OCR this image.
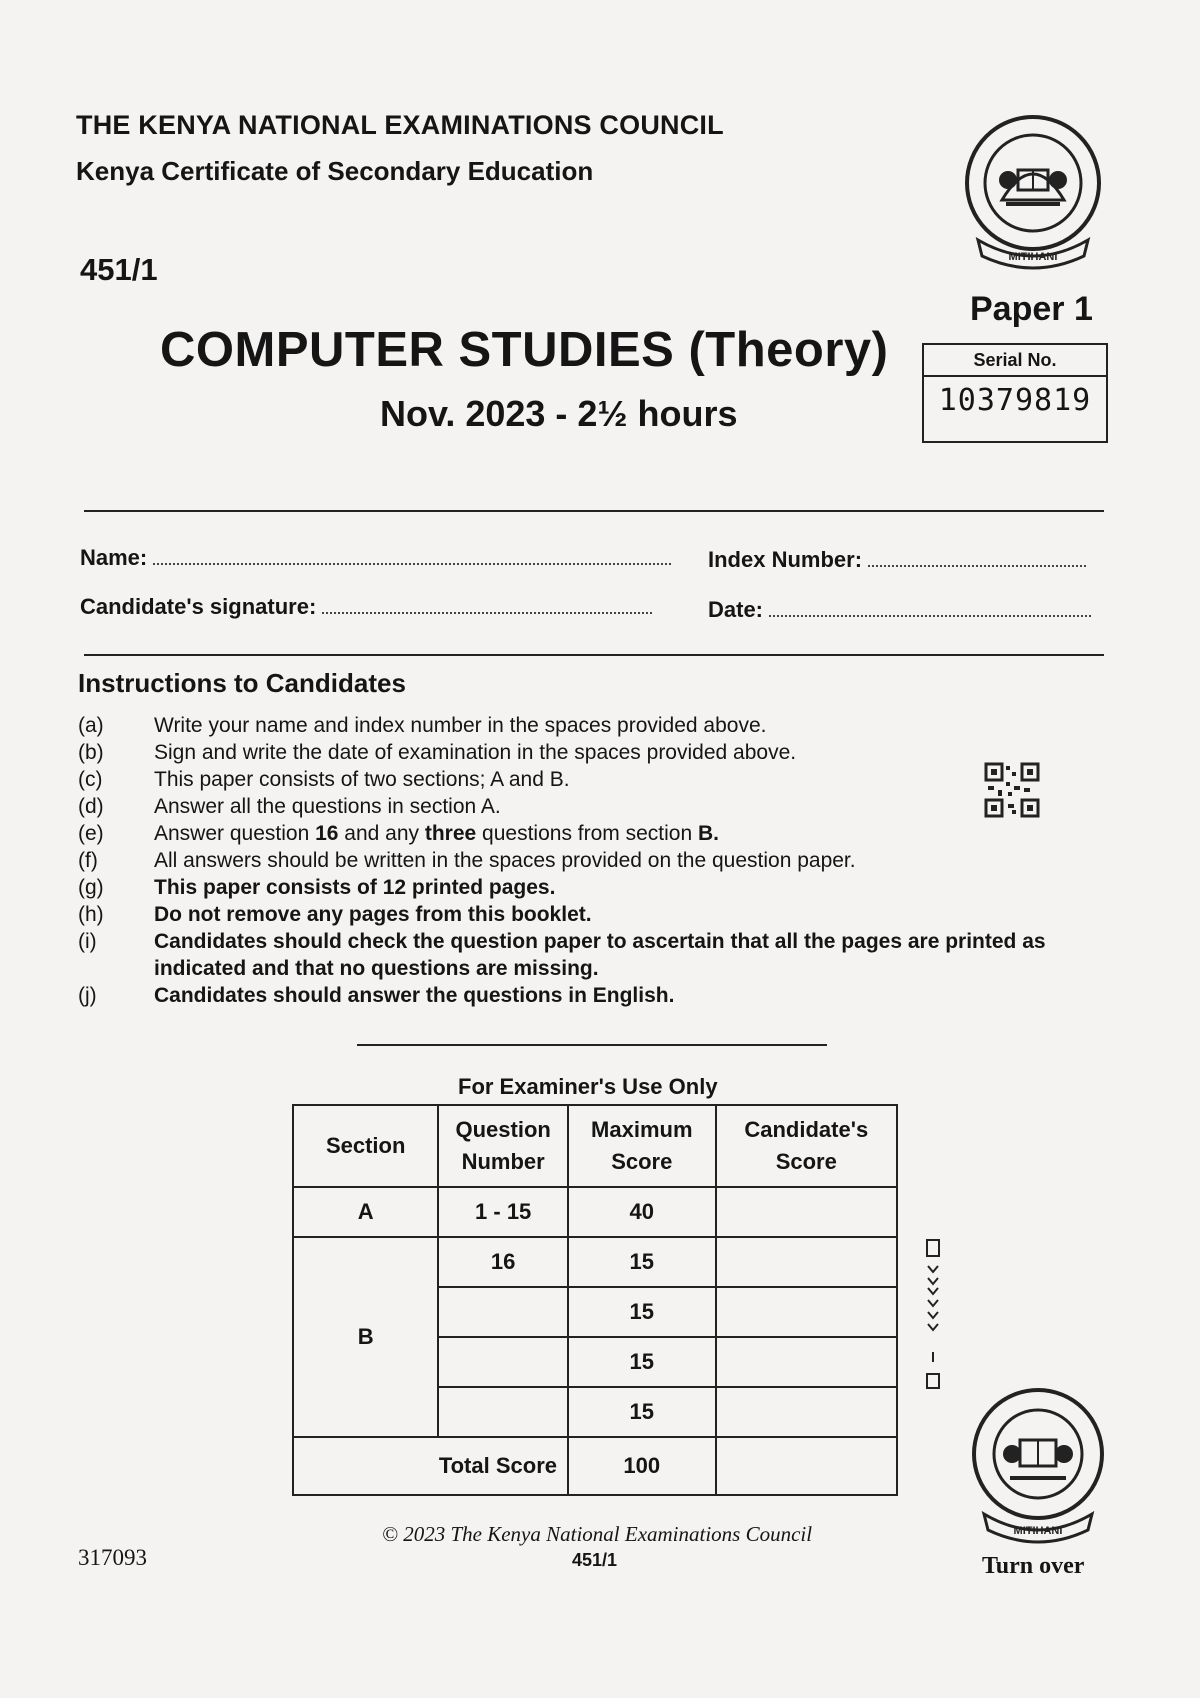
THE KENYA NATIONAL EXAMINATIONS COUNCIL
Kenya Certificate of Secondary Education
451/1	MITIHANI
Paper 1
COMPUTER STUDIES (Theory)
Nov. 2023 - 2½ hours
Serial No.
10379819
Name:	Index Number:
Candidate's signature:	Date:
Instructions to Candidates
(a)	Write your name and index number in the spaces provided above.
(b)	Sign and write the date of examination in the spaces provided above.
(c)	This paper consists of two sections; A and B.
(d)	Answer all the questions in section A.
(e)	Answer question 16 and any three questions from section B.
(f)	All answers should be written in the spaces provided on the question paper.
(g)	This paper consists of 12 printed pages.
(h)	Do not remove any pages from this booklet.
(i)	Candidates should check the question paper to ascertain that all the pages are printed as indicated and that no questions are missing.
(j)	Candidates should answer the questions in English.
For Examiner's Use Only
Section	Question Number	Maximum Score	Candidate's Score
A	1 - 15	40	
B	16	15	
		15	
		15	
		15	
Total Score		100	
MITIHANI
© 2023 The Kenya National Examinations Council
451/1
317093	Turn over
